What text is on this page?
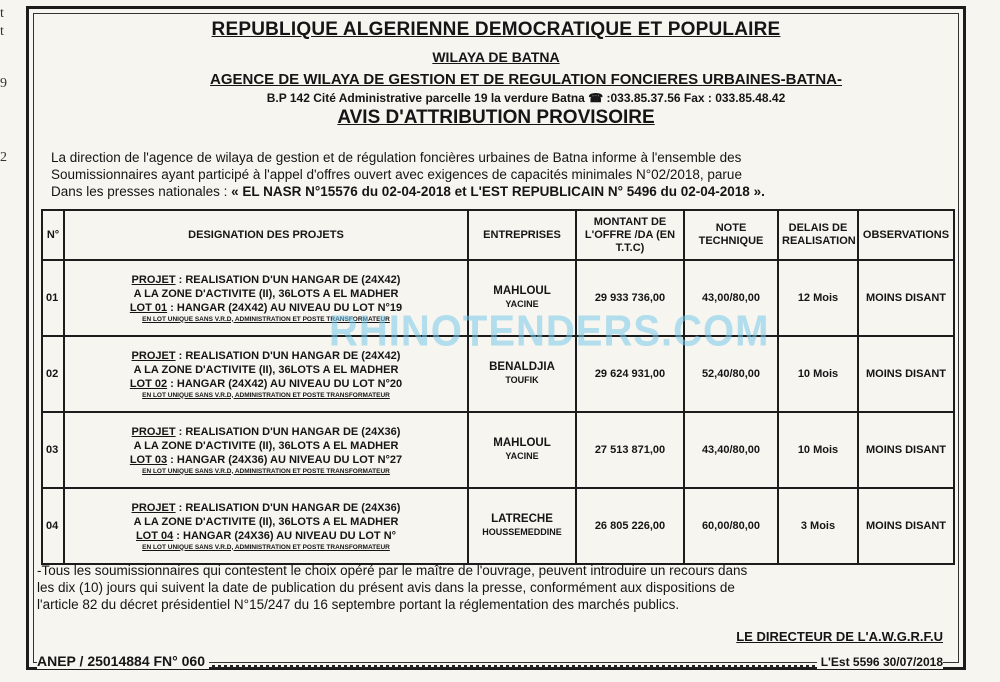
t
t
9
2
REPUBLIQUE ALGERIENNE DEMOCRATIQUE ET POPULAIRE
WILAYA DE BATNA
AGENCE DE WILAYA DE GESTION ET DE REGULATION FONCIERES URBAINES-BATNA-
B.P 142 Cité Administrative parcelle 19 la verdure Batna ☎ :033.85.37.56 Fax : 033.85.48.42
AVIS D'ATTRIBUTION PROVISOIRE
La direction de l'agence de wilaya de gestion et de régulation foncières urbaines de Batna informe à l'ensemble des
Soumissionnaires ayant participé à l'appel d'offres ouvert avec exigences de capacités minimales N°02/2018, parue
Dans les presses nationales : « EL NASR N°15576 du 02-04-2018 et L'EST REPUBLICAIN N° 5496 du 02-04-2018 ».
N°	DESIGNATION DES PROJETS	ENTREPRISES	MONTANT DE L'OFFRE /DA (EN T.T.C)	NOTE TECHNIQUE	DELAIS DE REALISATION	OBSERVATIONS
01	PROJET : REALISATION D'UN HANGAR DE (24X42)
A LA ZONE D'ACTIVITE (II), 36LOTS A EL MADHER
LOT 01 : HANGAR (24X42) AU NIVEAU DU LOT N°19
EN LOT UNIQUE SANS V.R.D, ADMINISTRATION ET POSTE TRANSFORMATEUR	MAHLOUL
YACINE	29 933 736,00	43,00/80,00	12 Mois	MOINS DISANT
02	PROJET : REALISATION D'UN HANGAR DE (24X42)
A LA ZONE D'ACTIVITE (II), 36LOTS A EL MADHER
LOT 02 : HANGAR (24X42) AU NIVEAU DU LOT N°20
EN LOT UNIQUE SANS V.R.D, ADMINISTRATION ET POSTE TRANSFORMATEUR	BENALDJIA
TOUFIK	29 624 931,00	52,40/80,00	10 Mois	MOINS DISANT
03	PROJET : REALISATION D'UN HANGAR DE (24X36)
A LA ZONE D'ACTIVITE (II), 36LOTS A EL MADHER
LOT 03 : HANGAR (24X36) AU NIVEAU DU LOT N°27
EN LOT UNIQUE SANS V.R.D, ADMINISTRATION ET POSTE TRANSFORMATEUR	MAHLOUL
YACINE	27 513 871,00	43,40/80,00	10 Mois	MOINS DISANT
04	PROJET : REALISATION D'UN HANGAR DE (24X36)
A LA ZONE D'ACTIVITE (II), 36LOTS A EL MADHER
LOT 04 : HANGAR (24X36) AU NIVEAU DU LOT N°
EN LOT UNIQUE SANS V.R.D, ADMINISTRATION ET POSTE TRANSFORMATEUR	LATRECHE
HOUSSEMEDDINE	26 805 226,00	60,00/80,00	3 Mois	MOINS DISANT
RHINOTENDERS.COM
-Tous les soumissionnaires qui contestent le choix opéré par le maître de l'ouvrage, peuvent introduire un recours dans
les dix (10) jours qui suivent la date de publication du présent avis dans la presse, conformément aux dispositions de
l'article 82 du décret présidentiel N°15/247 du 16 septembre portant la réglementation des marchés publics.
LE DIRECTEUR DE L'A.W.G.R.F.U
ANEP / 25014884 FN° 060	L'Est 5596 30/07/2018
